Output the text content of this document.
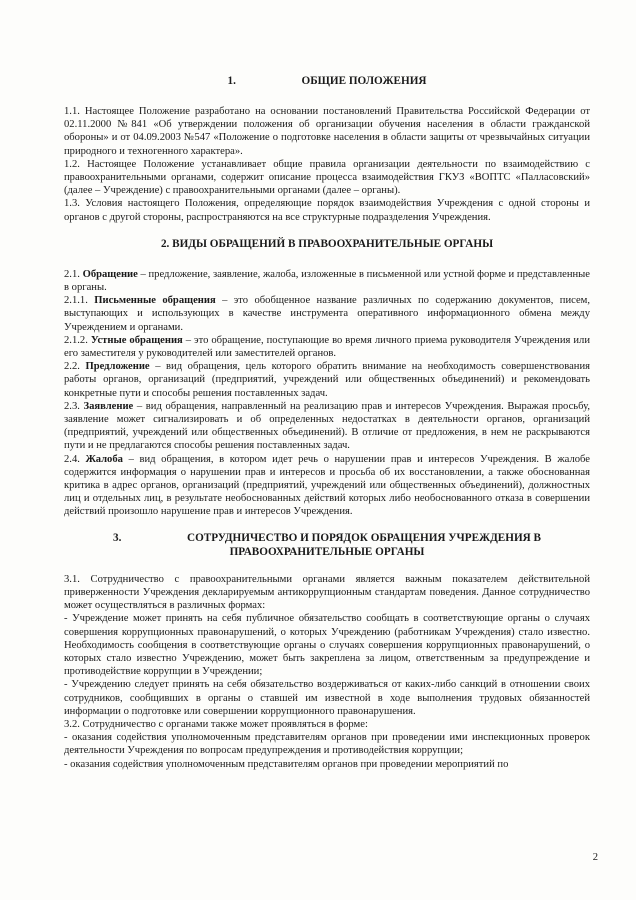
1.	ОБЩИЕ ПОЛОЖЕНИЯ

1.1. Настоящее Положение разработано на основании постановлений Правительства Российской Федерации от 02.11.2000 №841 «Об утверждении положения об организации обучения населения в области гражданской обороны» и от 04.09.2003 №547 «Положение о подготовке населения в области защиты от чрезвычайных ситуации природного и техногенного характера».

1.2. Настоящее Положение устанавливает общие правила организации деятельности по взаимодействию с правоохранительными органами, содержит описание процесса взаимодействия ГКУЗ «ВОПТС «Палласовский» (далее – Учреждение) с правоохранительными органами (далее – органы).

1.3. Условия настоящего Положения, определяющие порядок взаимодействия Учреждения с одной стороны и органов с другой стороны, распространяются на все структурные подразделения Учреждения.

2. ВИДЫ ОБРАЩЕНИЙ В ПРАВООХРАНИТЕЛЬНЫЕ ОРГАНЫ

2.1. Обращение – предложение, заявление, жалоба, изложенные в письменной или устной форме и представленные в органы.

2.1.1. Письменные обращения – это обобщенное название различных по содержанию документов, писем, выступающих и использующих в качестве инструмента оперативного информационного обмена между Учреждением и органами.

2.1.2. Устные обращения – это обращение, поступающие во время личного приема руководителя Учреждения или его заместителя у руководителей или заместителей органов.

2.2. Предложение – вид обращения, цель которого обратить внимание на необходимость совершенствования работы органов, организаций (предприятий, учреждений или общественных объединений) и рекомендовать конкретные пути и способы решения поставленных задач.

2.3. Заявление – вид обращения, направленный на реализацию прав и интересов Учреждения. Выражая просьбу, заявление может сигнализировать и об определенных недостатках в деятельности органов, организаций (предприятий, учреждений или общественных объединений). В отличие от предложения, в нем не раскрываются пути и не предлагаются способы решения поставленных задач.

2.4. Жалоба – вид обращения, в котором идет речь о нарушении прав и интересов Учреждения. В жалобе содержится информация о нарушении прав и интересов и просьба об их восстановлении, а также обоснованная критика в адрес органов, организаций (предприятий, учреждений или общественных объединений), должностных лиц и отдельных лиц, в результате необоснованных действий которых либо необоснованного отказа в совершении действий произошло нарушение прав и интересов Учреждения.

3.	СОТРУДНИЧЕСТВО И ПОРЯДОК ОБРАЩЕНИЯ УЧРЕЖДЕНИЯ В
ПРАВООХРАНИТЕЛЬНЫЕ ОРГАНЫ

3.1. Сотрудничество с правоохранительными органами является важным показателем действительной приверженности Учреждения декларируемым антикоррупционным стандартам поведения. Данное сотрудничество может осуществляться в различных формах:

- Учреждение может принять на себя публичное обязательство сообщать в соответствующие органы о случаях совершения коррупционных правонарушений, о которых Учреждению (работникам Учреждения) стало известно. Необходимость сообщения в соответствующие органы о случаях совершения коррупционных правонарушений, о которых стало известно Учреждению, может быть закреплена за лицом, ответственным за предупреждение и противодействие коррупции в Учреждении;

- Учреждению следует принять на себя обязательство воздерживаться от каких-либо санкций в отношении своих сотрудников, сообщивших в органы о ставшей им известной в ходе выполнения трудовых обязанностей информации о подготовке или совершении коррупционного правонарушения.

3.2. Сотрудничество с органами также может проявляться в форме:

- оказания содействия уполномоченным представителям органов при проведении ими инспекционных проверок деятельности Учреждения по вопросам предупреждения и противодействия коррупции;

- оказания содействия уполномоченным представителям органов при проведении мероприятий по

2
